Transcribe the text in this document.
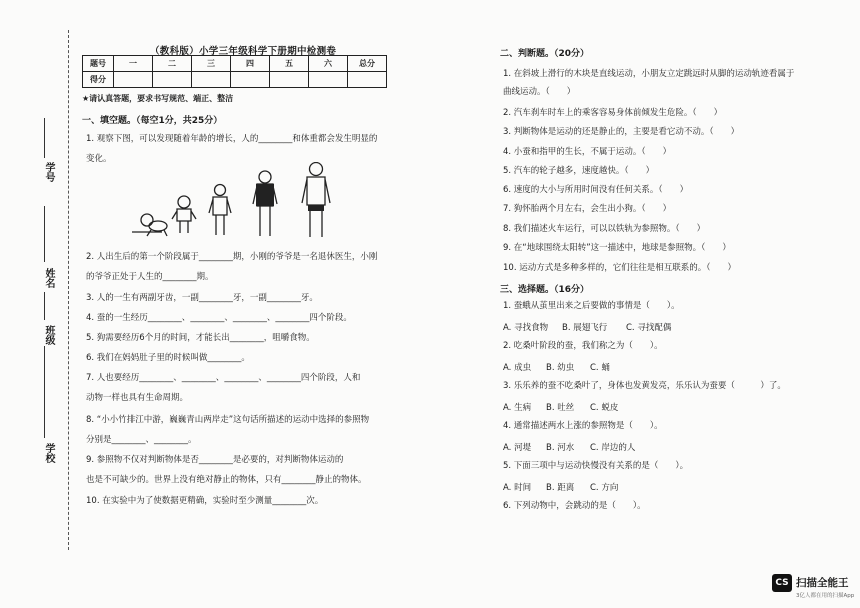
学号
姓名
班级
学校
（教科版）小学三年级科学下册期中检测卷
题号	一	二	三	四	五	六	总分
得分							
★请认真答题，要求书写规范、端正、整洁
一、填空题。（每空1分，共25分）
1. 观察下图，可以发现随着年龄的增长，人的________和体重都会发生明显的
变化。
2. 人出生后的第一个阶段属于________期，小刚的爷爷是一名退休医生，小刚
的爷爷正处于人生的________期。
3. 人的一生有两副牙齿，一副________牙，一副________牙。
4. 蚕的一生经历________、________、________、________四个阶段。
5. 狗需要经历6个月的时间，才能长出________，咀嚼食物。
6. 我们在妈妈肚子里的时候叫做________。
7. 人也要经历________、________、________、________四个阶段，人和
动物一样也具有生命周期。
8. “小小竹排江中游，巍巍青山两岸走”这句话所描述的运动中选择的参照物
分别是________、________。
9. 参照物不仅对判断物体是否________是必要的，对判断物体运动的
也是不可缺少的。世界上没有绝对静止的物体，只有________静止的物体。
10. 在实验中为了使数据更精确，实验时至少测量________次。
二、判断题。（20分）
1. 在斜坡上滑行的木块是直线运动，小朋友立定跳远时从脚的运动轨迹看属于
曲线运动。（　　）
2. 汽车刹车时车上的乘客容易身体前倾发生危险。（　　）
3. 判断物体是运动的还是静止的，主要是看它动不动。（　　）
4. 小蚕和指甲的生长，不属于运动。（　　）
5. 汽车的轮子越多，速度越快。（　　）
6. 速度的大小与所用时间没有任何关系。（　　）
7. 狗怀胎两个月左右，会生出小狗。（　　）
8. 我们描述火车运行，可以以铁轨为参照物。（　　）
9. 在“地球围绕太阳转”这一描述中，地球是参照物。（　　）
10. 运动方式是多种多样的，它们往往是相互联系的。（　　）
三、选择题。（16分）
1. 蚕蛾从茧里出来之后要做的事情是（　　）。
A. 寻找食物 B. 展翅飞行 C. 寻找配偶
2. 吃桑叶阶段的蚕，我们称之为（　　）。
A. 成虫 B. 幼虫 C. 蛹
3. 乐乐养的蚕不吃桑叶了，身体也发黄发亮，乐乐认为蚕要（　　　）了。
A. 生病 B. 吐丝 C. 蜕皮
4. 通常描述两水上涨的参照物是（　　）。
A. 河堤 B. 河水 C. 岸边的人
5. 下面三项中与运动快慢没有关系的是（　　）。
A. 时间 B. 距离 C. 方向
6. 下列动物中，会跳动的是（　　）。
CS 扫描全能王
3亿人都在用的扫描App
